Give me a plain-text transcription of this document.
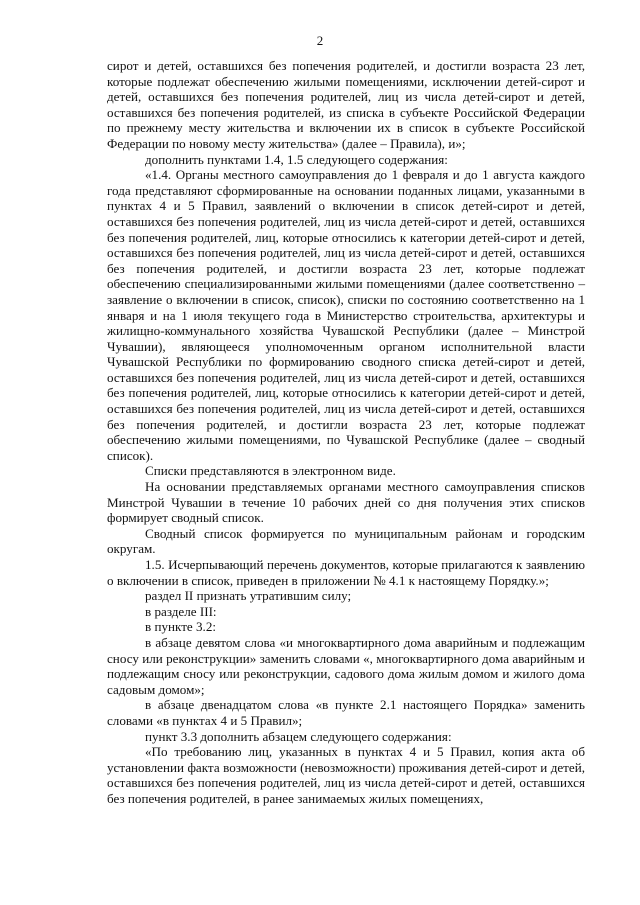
2

сирот и детей, оставшихся без попечения родителей, и достигли возраста 23 лет, которые подлежат обеспечению жилыми помещениями, исключении детей-сирот и детей, оставшихся без попечения родителей, лиц из числа детей-сирот и детей, оставшихся без попечения родителей, из списка в субъекте Российской Федерации по прежнему месту жительства и включении их в список в субъекте Российской Федерации по новому месту жительства» (далее – Правила), и»;

дополнить пунктами 1.4, 1.5 следующего содержания:

«1.4. Органы местного самоуправления до 1 февраля и до 1 августа каждого года представляют сформированные на основании поданных лицами, указанными в пунктах 4 и 5 Правил, заявлений о включении в список детей-сирот и детей, оставшихся без попечения родителей, лиц из числа детей-сирот и детей, оставшихся без попечения родителей, лиц, которые относились к категории детей-сирот и детей, оставшихся без попечения родителей, лиц из числа детей-сирот и детей, оставшихся без попечения родителей, и достигли возраста 23 лет, которые подлежат обеспечению специализированными жилыми помещениями (далее соответственно – заявление о включении в список, список), списки по состоянию соответственно на 1 января и на 1 июля текущего года в Министерство строительства, архитектуры и жилищно-коммунального хозяйства Чувашской Республики (далее – Минстрой Чувашии), являющееся уполномоченным органом исполнительной власти Чувашской Республики по формированию сводного списка детей-сирот и детей, оставшихся без попечения родителей, лиц из числа детей-сирот и детей, оставшихся без попечения родителей, лиц, которые относились к категории детей-сирот и детей, оставшихся без попечения родителей, лиц из числа детей-сирот и детей, оставшихся без попечения родителей, и достигли возраста 23 лет, которые подлежат обеспечению жилыми помещениями, по Чувашской Республике (далее – сводный список).

Списки представляются в электронном виде.

На основании представляемых органами местного самоуправления списков Минстрой Чувашии в течение 10 рабочих дней со дня получения этих списков формирует сводный список.

Сводный список формируется по муниципальным районам и городским округам.

1.5. Исчерпывающий перечень документов, которые прилагаются к заявлению о включении в список, приведен в приложении № 4.1 к настоящему Порядку.»;

раздел II признать утратившим силу;

в разделе III:

в пункте 3.2:

в абзаце девятом слова «и многоквартирного дома аварийным и подлежащим сносу или реконструкции» заменить словами «, многоквартирного дома аварийным и подлежащим сносу или реконструкции, садового дома жилым домом и жилого дома садовым домом»;

в абзаце двенадцатом слова «в пункте 2.1 настоящего Порядка» заменить словами «в пунктах 4 и 5 Правил»;

пункт 3.3 дополнить абзацем следующего содержания:

«По требованию лиц, указанных в пунктах 4 и 5 Правил, копия акта об установлении факта возможности (невозможности) проживания детей-сирот и детей, оставшихся без попечения родителей, лиц из числа детей-сирот и детей, оставшихся без попечения родителей, в ранее занимаемых жилых помещениях,
